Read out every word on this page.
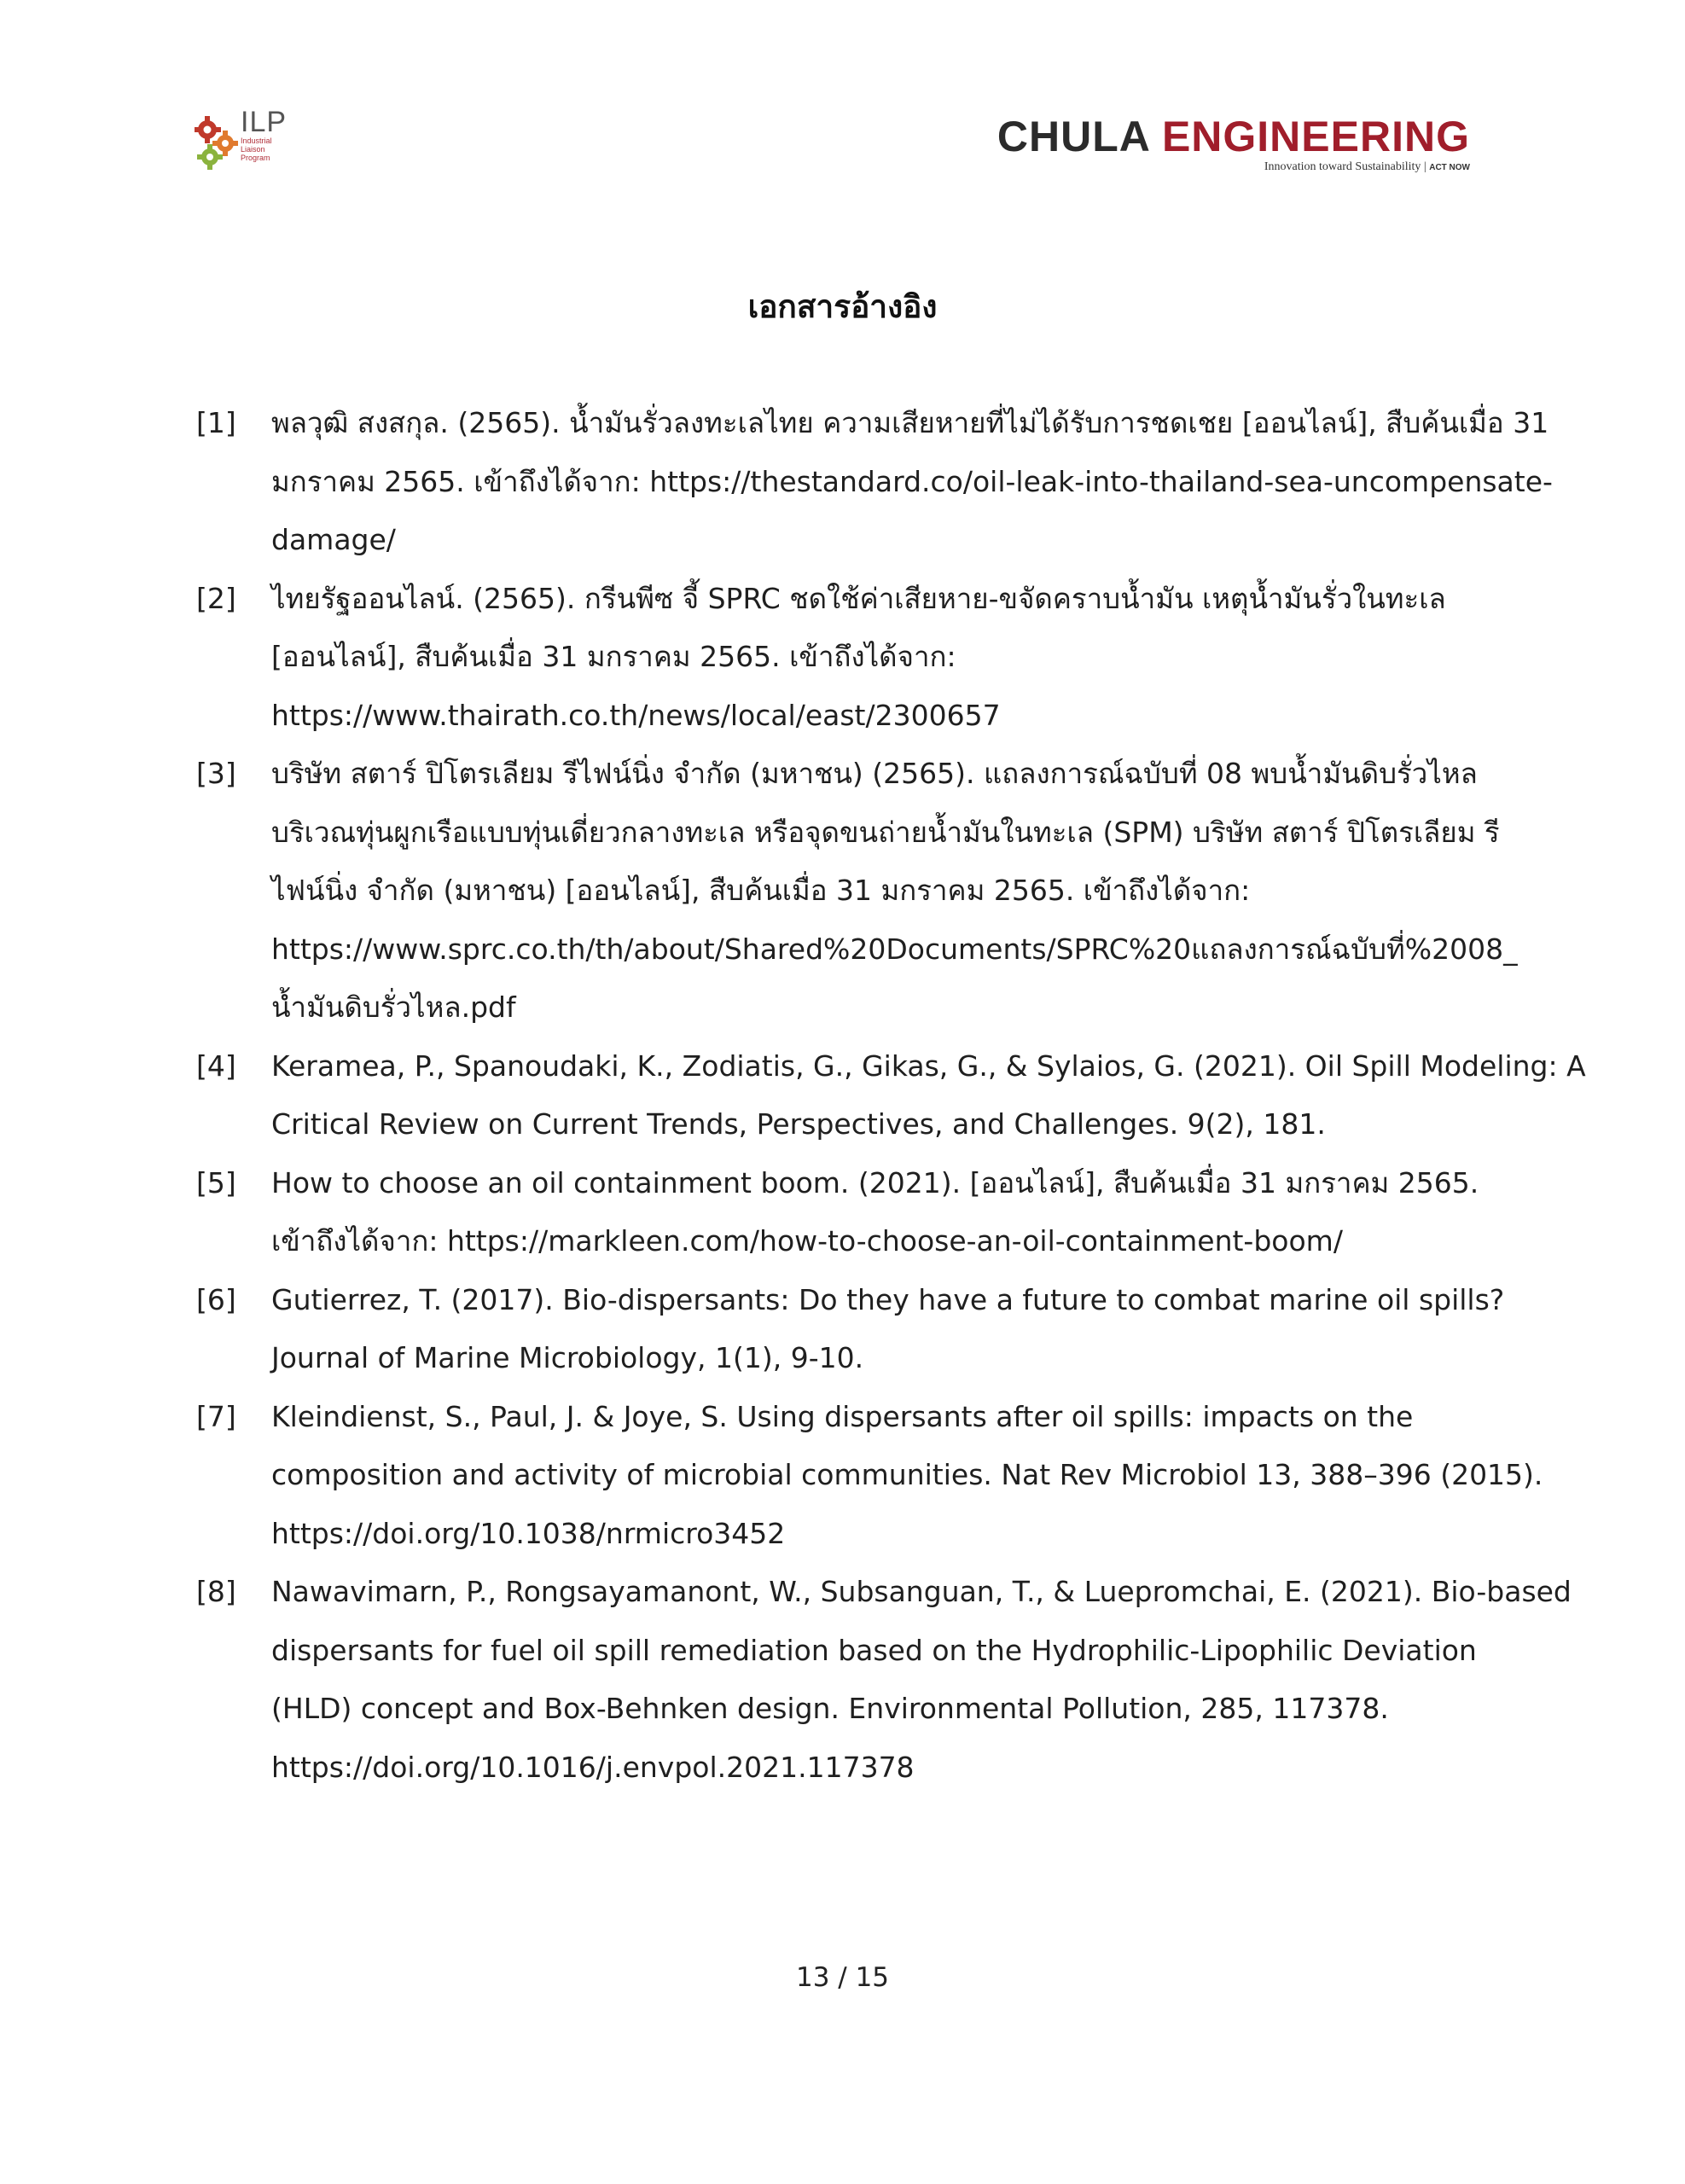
ILP
Industrial
Liaison
Program	CHULA ENGINEERING
Innovation toward Sustainability | ACT NOW
เอกสารอ้างอิง
[1]	พลวุฒิ สงสกุล. (2565). น้ำมันรั่วลงทะเลไทย ความเสียหายที่ไม่ได้รับการชดเชย [ออนไลน์], สืบค้นเมื่อ 31
มกราคม 2565. เข้าถึงได้จาก: https://thestandard.co/oil-leak-into-thailand-sea-uncompensate-
damage/
[2]	ไทยรัฐออนไลน์. (2565). กรีนพีซ จี้ SPRC ชดใช้ค่าเสียหาย-ขจัดคราบน้ำมัน เหตุน้ำมันรั่วในทะเล
[ออนไลน์], สืบค้นเมื่อ 31 มกราคม 2565. เข้าถึงได้จาก:
https://www.thairath.co.th/news/local/east/2300657
[3]	บริษัท สตาร์ ปิโตรเลียม รีไฟน์นิ่ง จำกัด (มหาชน) (2565). แถลงการณ์ฉบับที่ 08 พบน้ำมันดิบรั่วไหล
บริเวณทุ่นผูกเรือแบบทุ่นเดี่ยวกลางทะเล หรือจุดขนถ่ายน้ำมันในทะเล (SPM) บริษัท สตาร์ ปิโตรเลียม รี
ไฟน์นิ่ง จำกัด (มหาชน) [ออนไลน์], สืบค้นเมื่อ 31 มกราคม 2565. เข้าถึงได้จาก:
https://www.sprc.co.th/th/about/Shared%20Documents/SPRC%20แถลงการณ์ฉบับที่%2008_
น้ำมันดิบรั่วไหล.pdf
[4]	Keramea, P., Spanoudaki, K., Zodiatis, G., Gikas, G., & Sylaios, G. (2021). Oil Spill Modeling: A
Critical Review on Current Trends, Perspectives, and Challenges. 9(2), 181.
[5]	How to choose an oil containment boom. (2021). [ออนไลน์], สืบค้นเมื่อ 31 มกราคม 2565.
เข้าถึงได้จาก: https://markleen.com/how-to-choose-an-oil-containment-boom/
[6]	Gutierrez, T. (2017). Bio-dispersants: Do they have a future to combat marine oil spills?
Journal of Marine Microbiology, 1(1), 9-10.
[7]	Kleindienst, S., Paul, J. & Joye, S. Using dispersants after oil spills: impacts on the
composition and activity of microbial communities. Nat Rev Microbiol 13, 388–396 (2015).
https://doi.org/10.1038/nrmicro3452
[8]	Nawavimarn, P., Rongsayamanont, W., Subsanguan, T., & Luepromchai, E. (2021). Bio-based
dispersants for fuel oil spill remediation based on the Hydrophilic-Lipophilic Deviation
(HLD) concept and Box-Behnken design. Environmental Pollution, 285, 117378.
https://doi.org/10.1016/j.envpol.2021.117378
13 / 15
